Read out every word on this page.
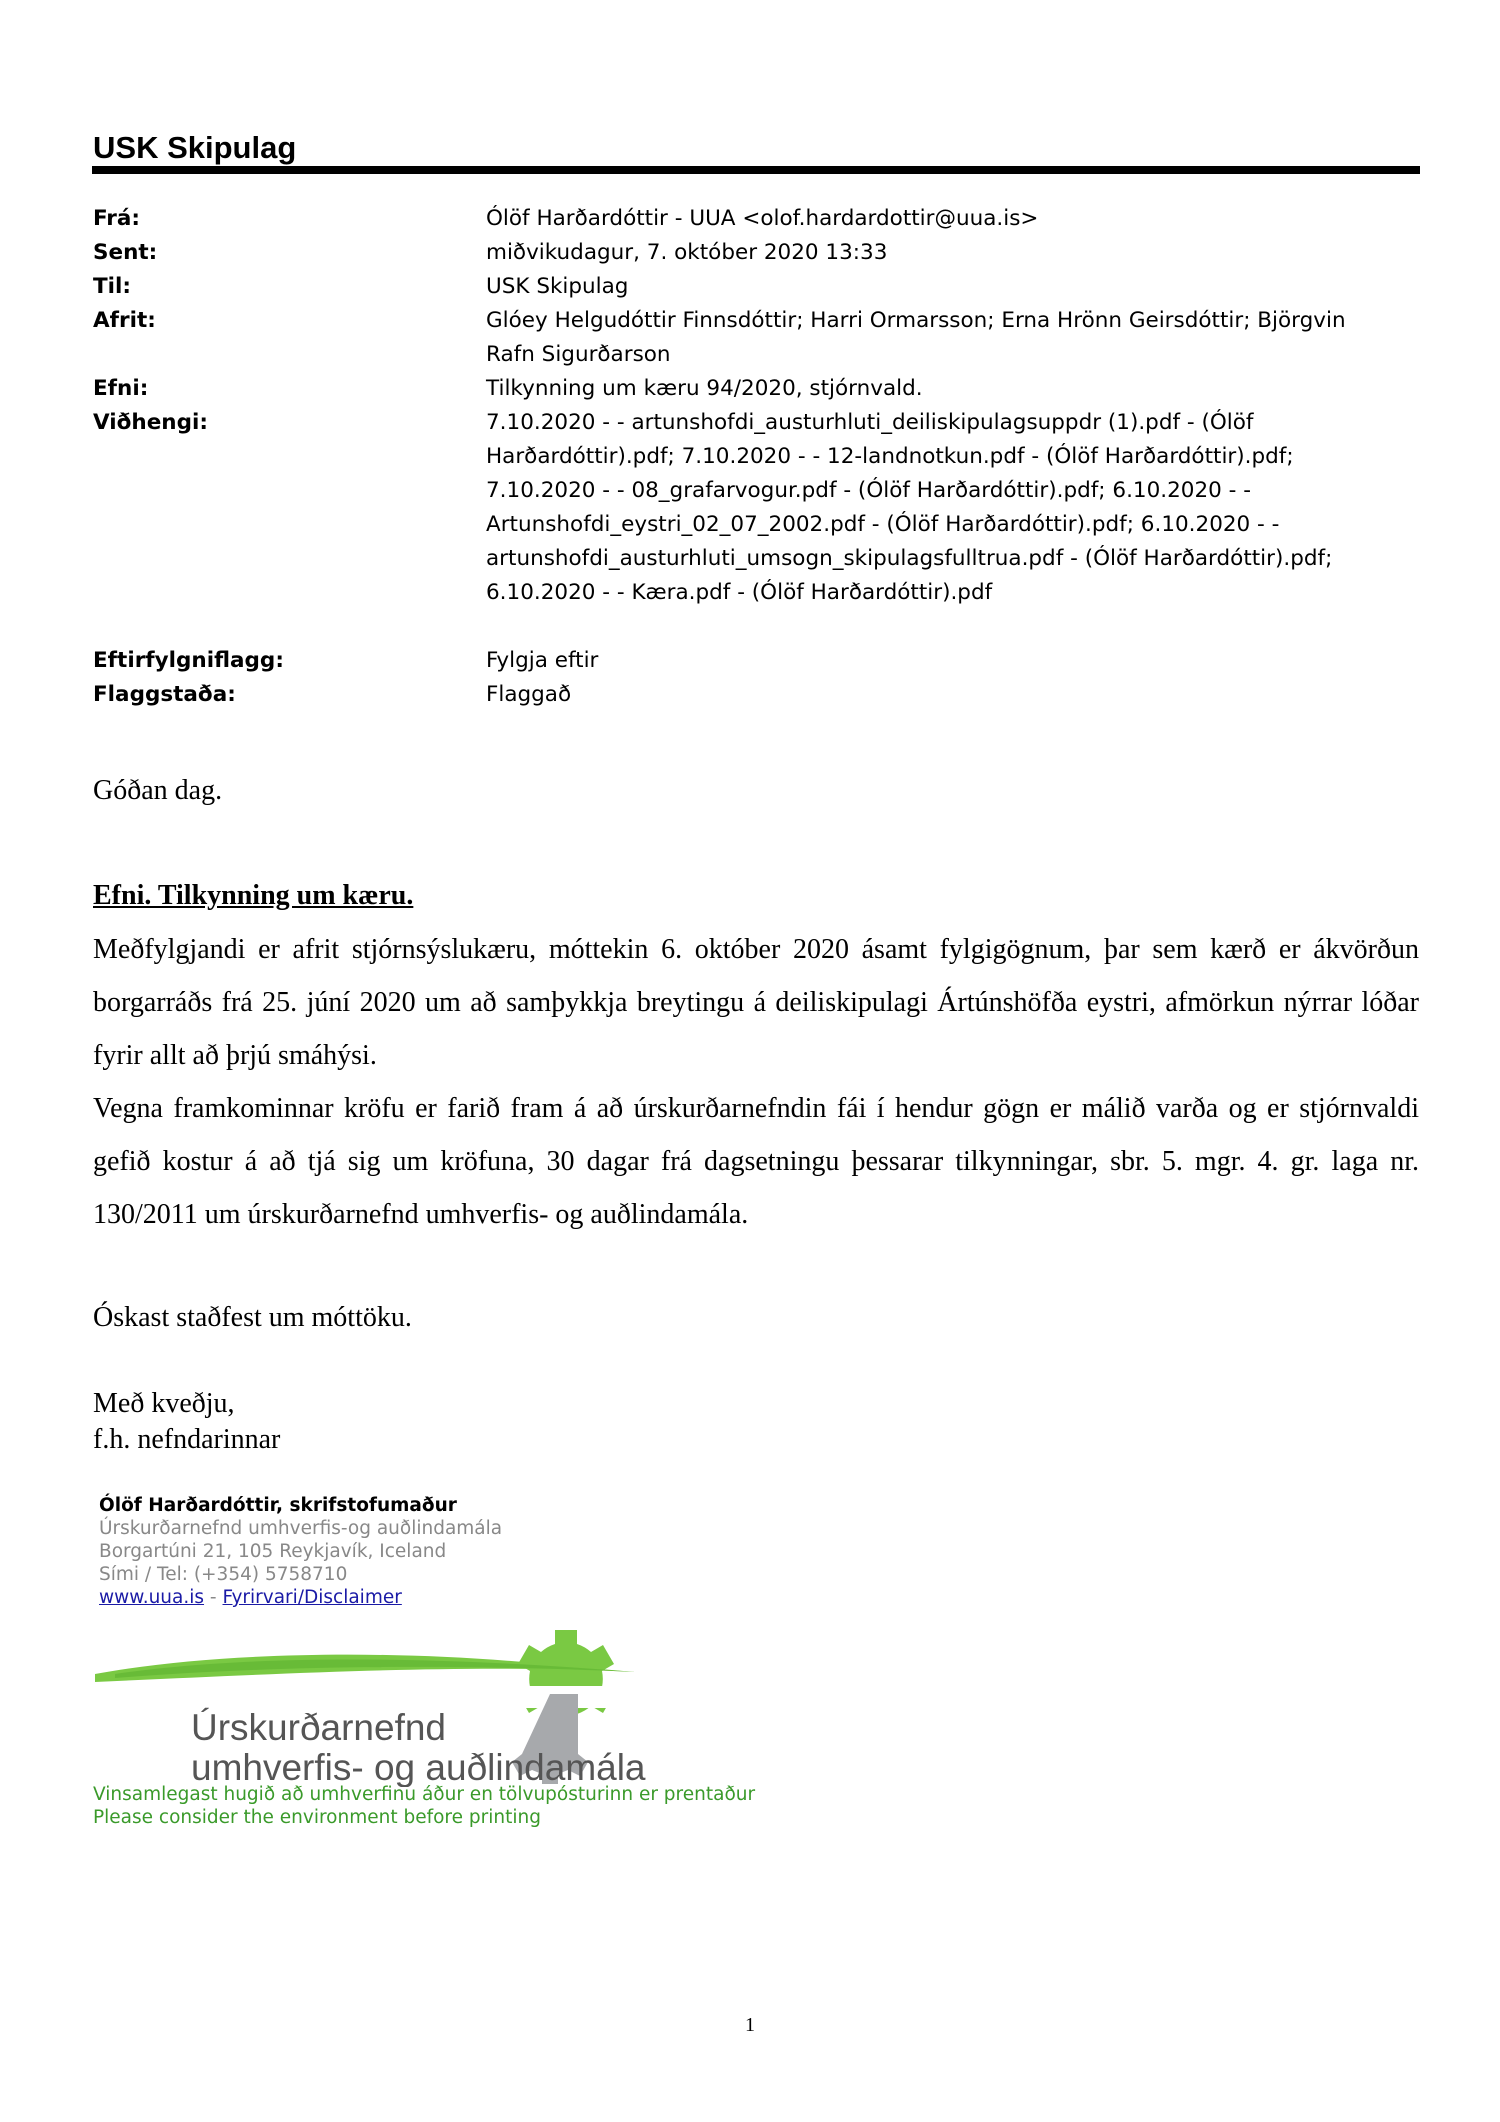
USK Skipulag
Frá:	Ólöf Harðardóttir - UUA <olof.hardardottir@uua.is>
Sent:	miðvikudagur, 7. október 2020 13:33
Til:	USK Skipulag
Afrit:	Glóey Helgudóttir Finnsdóttir; Harri Ormarsson; Erna Hrönn Geirsdóttir; Björgvin
Rafn Sigurðarson
Efni:	Tilkynning um kæru 94/2020, stjórnvald.
Viðhengi:	7.10.2020 - - artunshofdi_austurhluti_deiliskipulagsuppdr (1).pdf - (Ólöf
Harðardóttir).pdf; 7.10.2020 - - 12-landnotkun.pdf - (Ólöf Harðardóttir).pdf;
7.10.2020 - - 08_grafarvogur.pdf - (Ólöf Harðardóttir).pdf; 6.10.2020 - -
Artunshofdi_eystri_02_07_2002.pdf - (Ólöf Harðardóttir).pdf; 6.10.2020 - -
artunshofdi_austurhluti_umsogn_skipulagsfulltrua.pdf - (Ólöf Harðardóttir).pdf;
6.10.2020 - - Kæra.pdf - (Ólöf Harðardóttir).pdf
Eftirfylgniflagg:	Fylgja eftir
Flaggstaða:	Flaggað
Góðan dag.
Efni. Tilkynning um kæru.

Meðfylgjandi er afrit stjórnsýslukæru, móttekin 6. október 2020 ásamt fylgigögnum, þar sem kærð er ákvörðun borgarráðs frá 25. júní 2020 um að samþykkja breytingu á deiliskipulagi Ártúnshöfða eystri, afmörkun nýrrar lóðar fyrir allt að þrjú smáhýsi.

Vegna framkominnar kröfu er farið fram á að úrskurðarnefndin fái í hendur gögn er málið varða og er stjórnvaldi gefið kostur á að tjá sig um kröfuna, 30 dagar frá dagsetningu þessarar tilkynningar, sbr. 5. mgr. 4. gr. laga nr. 130/2011 um úrskurðarnefnd umhverfis- og auðlindamála.

Óskast staðfest um móttöku.
Með kveðju,
f.h. nefndarinnar
Ólöf Harðardóttir, skrifstofumaður
Úrskurðarnefnd umhverfis-og auðlindamála
Borgartúni 21, 105 Reykjavík, Iceland
Sími / Tel: (+354) 5758710
www.uua.is - Fyrirvari/Disclaimer
Úrskurðarnefnd
umhverfis- og auðlindamála
Vinsamlegast hugið að umhverfinu áður en tölvupósturinn er prentaður
Please consider the environment before printing
1
